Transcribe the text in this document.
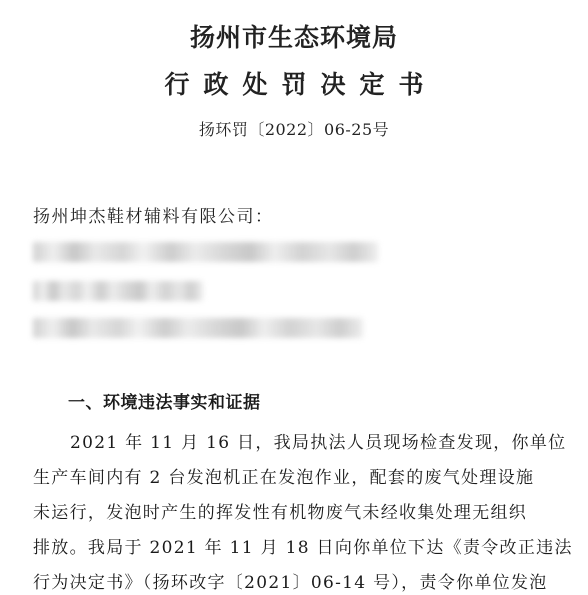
扬州市生态环境局
行政处罚决定书
扬环罚〔2022〕06-25号
扬州坤杰鞋材辅料有限公司：
一、环境违法事实和证据
2021 年 11 月 16 日，我局执法人员现场检查发现，你单位
生产车间内有 2 台发泡机正在发泡作业，配套的废气处理设施
未运行，发泡时产生的挥发性有机物废气未经收集处理无组织
排放。我局于 2021 年 11 月 18 日向你单位下达《责令改正违法
行为决定书》（扬环改字〔2021〕06-14 号），责令你单位发泡
